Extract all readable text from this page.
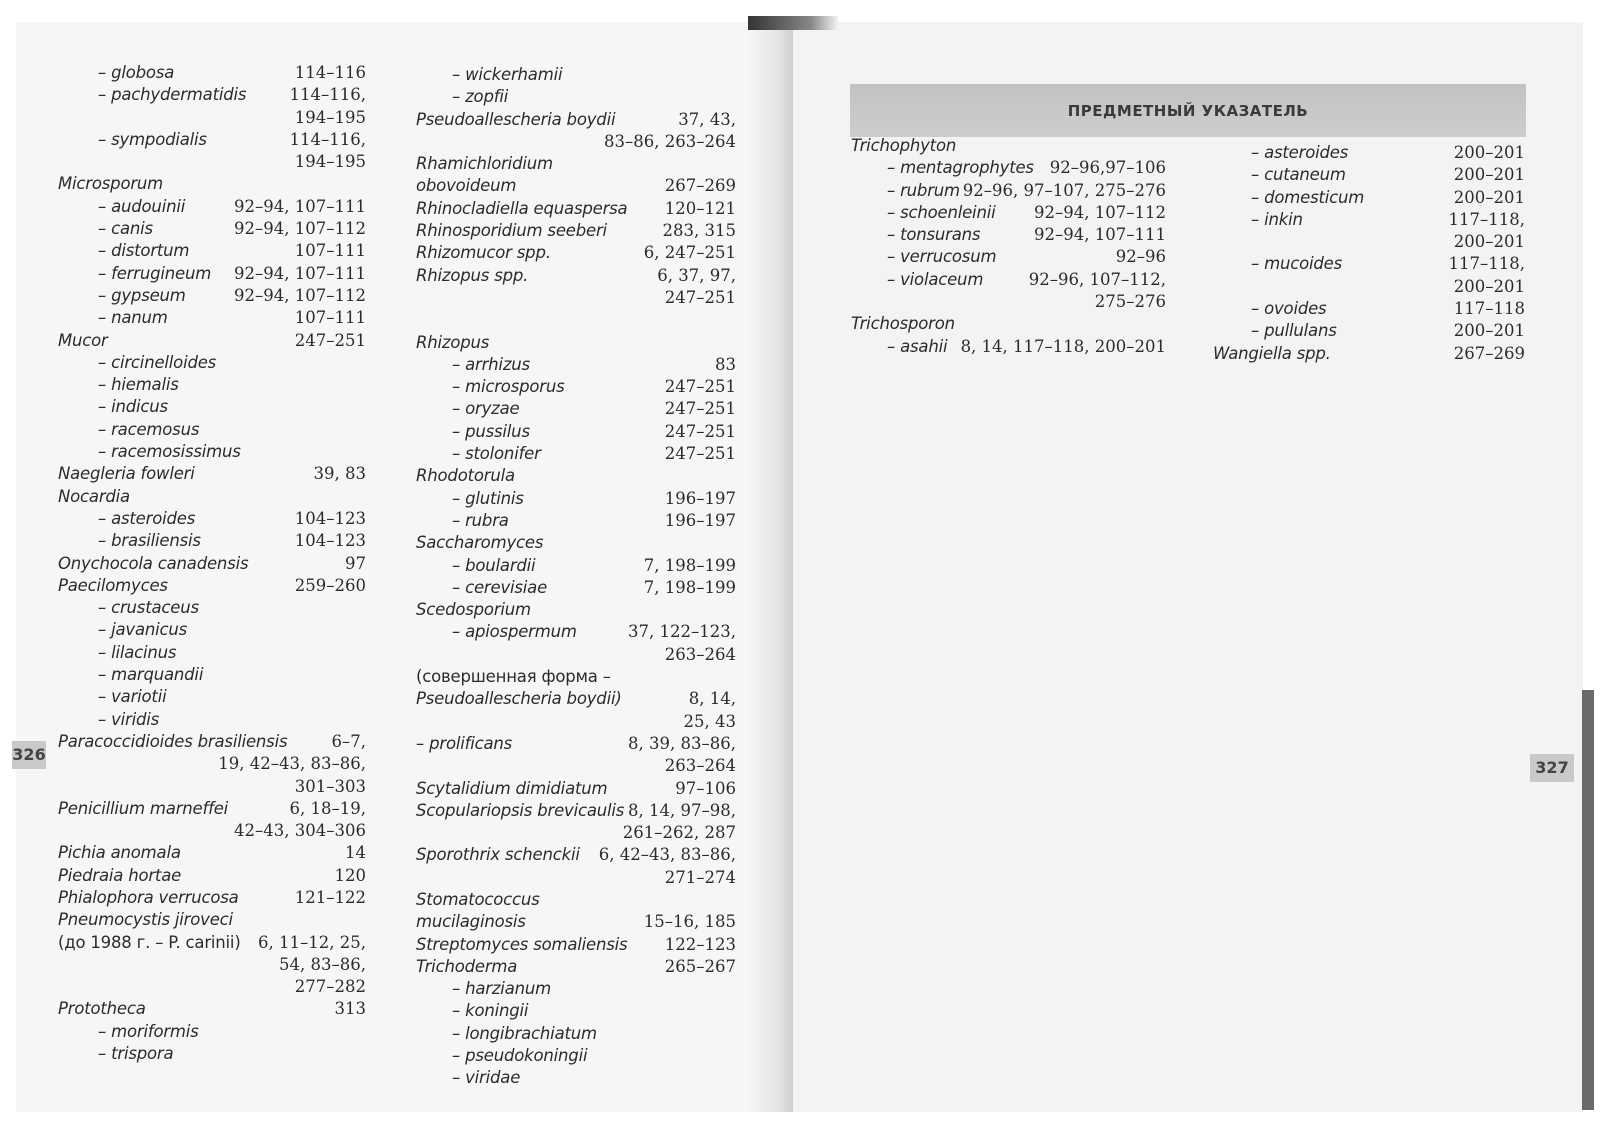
ПРЕДМЕТНЫЙ УКАЗАТЕЛЬ
326
327
– globosa	114–116
– pachydermatidis	114–116,
194–195
– sympodialis	114–116,
194–195
Microsporum
– audouinii	92–94, 107–111
– canis	92–94, 107–112
– distortum	107–111
– ferrugineum 92–94, 107–111
– gypseum	92–94, 107–112
– nanum	107–111
Mucor	247–251
– circinelloides
– hiemalis
– indicus
– racemosus
– racemosissimus
Naegleria fowleri	39, 83
Nocardia
– asteroides	104–123
– brasiliensis	104–123
Onychocola canadensis	97
Paecilomyces	259–260
– crustaceus
– javanicus
– lilacinus
– marquandii
– variotii
– viridis
Paracoccidioides brasiliensis	6–7,
19, 42–43, 83–86,
301–303
Penicillium marneffei	6, 18–19,
42–43, 304–306
Pichia anomala	14
Piedraia hortae	120
Phialophora verrucosa	121–122
Pneumocystis jiroveci
(до 1988 г. – P. carinii) 6, 11–12, 25,
54, 83–86,
277–282
Prototheca	313
– moriformis
– trispora
– wickerhamii
– zopfii
Pseudoallescheria boydii	37, 43,
83–86, 263–264
Rhamichloridium
obovoideum	267–269
Rhinocladiella equaspersa 120–121
Rhinosporidium seeberi	283, 315
Rhizomucor spp.	6, 247–251
Rhizopus spp.	6, 37, 97,
247–251
Rhizopus
– arrhizus	83
– microsporus	247–251
– oryzae	247–251
– pussilus	247–251
– stolonifer	247–251
Rhodotorula
– glutinis	196–197
– rubra	196–197
Saccharomyces
– boulardii	7, 198–199
– cerevisiae	7, 198–199
Scedosporium
– apiospermum	37, 122–123,
263–264
(совершенная форма –
Pseudoallescheria boydii)	8, 14,
25, 43
– prolificans	8, 39, 83–86,
263–264
Scytalidium dimidiatum	97–106
Scopulariopsis brevicaulis 8, 14, 97–98,
261–262, 287
Sporothrix schenckii 6, 42–43, 83–86,
271–274
Stomatococcus
mucilaginosis	15–16, 185
Streptomyces somaliensis 122–123
Trichoderma	265–267
– harzianum
– koningii
– longibrachiatum
– pseudokoningii
– viridae
Trichophyton
– mentagrophytes 92–96,97–106
– rubrum 92–96, 97–107, 275–276
– schoenleinii 92–94, 107–112
– tonsurans	92–94, 107–111
– verrucosum	92–96
– violaceum	92–96, 107–112,
275–276
Trichosporon
– asahii 8, 14, 117–118, 200–201
– asteroides	200–201
– cutaneum	200–201
– domesticum	200–201
– inkin	117–118,
200–201
– mucoides	117–118,
200–201
– ovoides	117–118
– pullulans	200–201
Wangiella spp.	267–269
